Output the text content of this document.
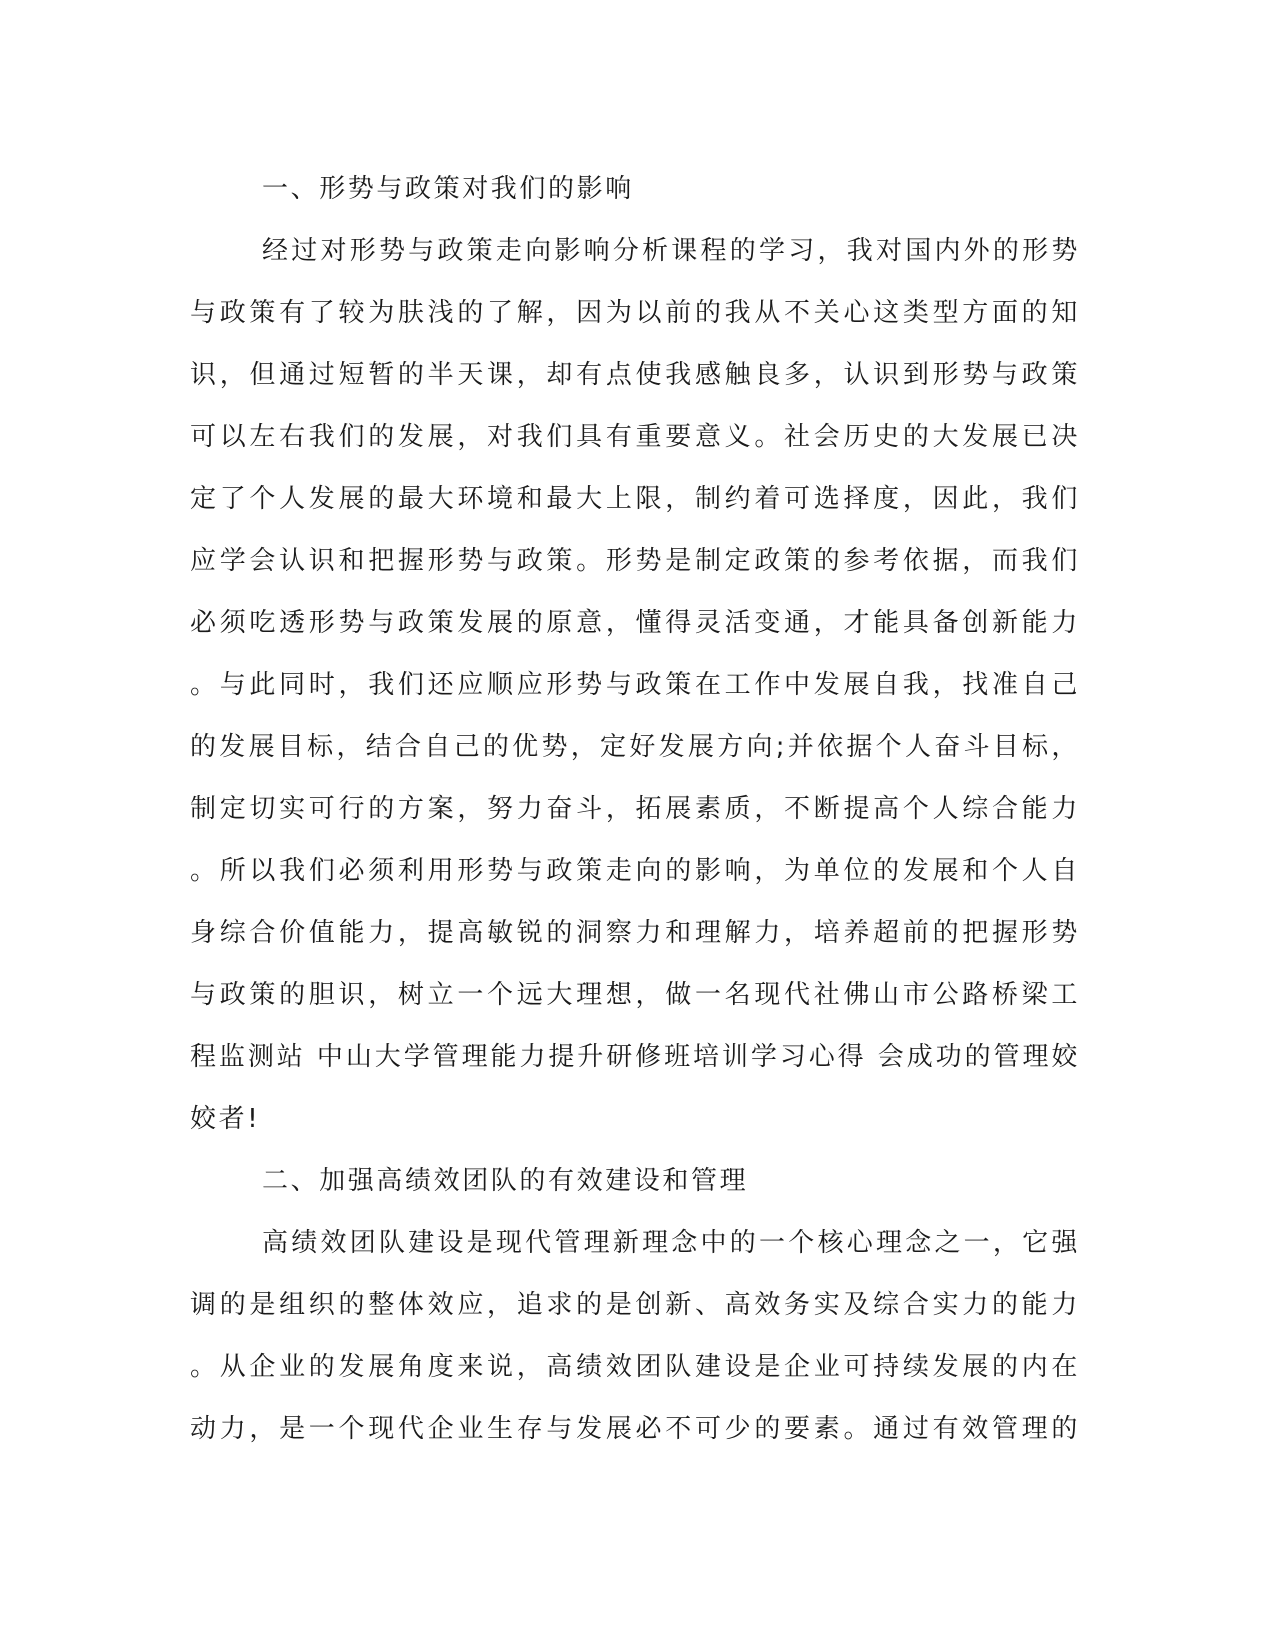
一、形势与政策对我们的影响
经过对形势与政策走向影响分析课程的学习，我对国内外的形势
与政策有了较为肤浅的了解，因为以前的我从不关心这类型方面的知
识，但通过短暂的半天课，却有点使我感触良多，认识到形势与政策
可以左右我们的发展，对我们具有重要意义。社会历史的大发展已决
定了个人发展的最大环境和最大上限，制约着可选择度，因此，我们
应学会认识和把握形势与政策。形势是制定政策的参考依据，而我们
必须吃透形势与政策发展的原意，懂得灵活变通，才能具备创新能力
。与此同时，我们还应顺应形势与政策在工作中发展自我，找准自己
的发展目标，结合自己的优势，定好发展方向;并依据个人奋斗目标，
制定切实可行的方案，努力奋斗，拓展素质，不断提高个人综合能力
。所以我们必须利用形势与政策走向的影响，为单位的发展和个人自
身综合价值能力，提高敏锐的洞察力和理解力，培养超前的把握形势
与政策的胆识，树立一个远大理想，做一名现代社佛山市公路桥梁工
程监测站 中山大学管理能力提升研修班培训学习心得 会成功的管理姣
姣者!
二、加强高绩效团队的有效建设和管理
高绩效团队建设是现代管理新理念中的一个核心理念之一，它强
调的是组织的整体效应，追求的是创新、高效务实及综合实力的能力
。从企业的发展角度来说，高绩效团队建设是企业可持续发展的内在
动力，是一个现代企业生存与发展必不可少的要素。通过有效管理的
